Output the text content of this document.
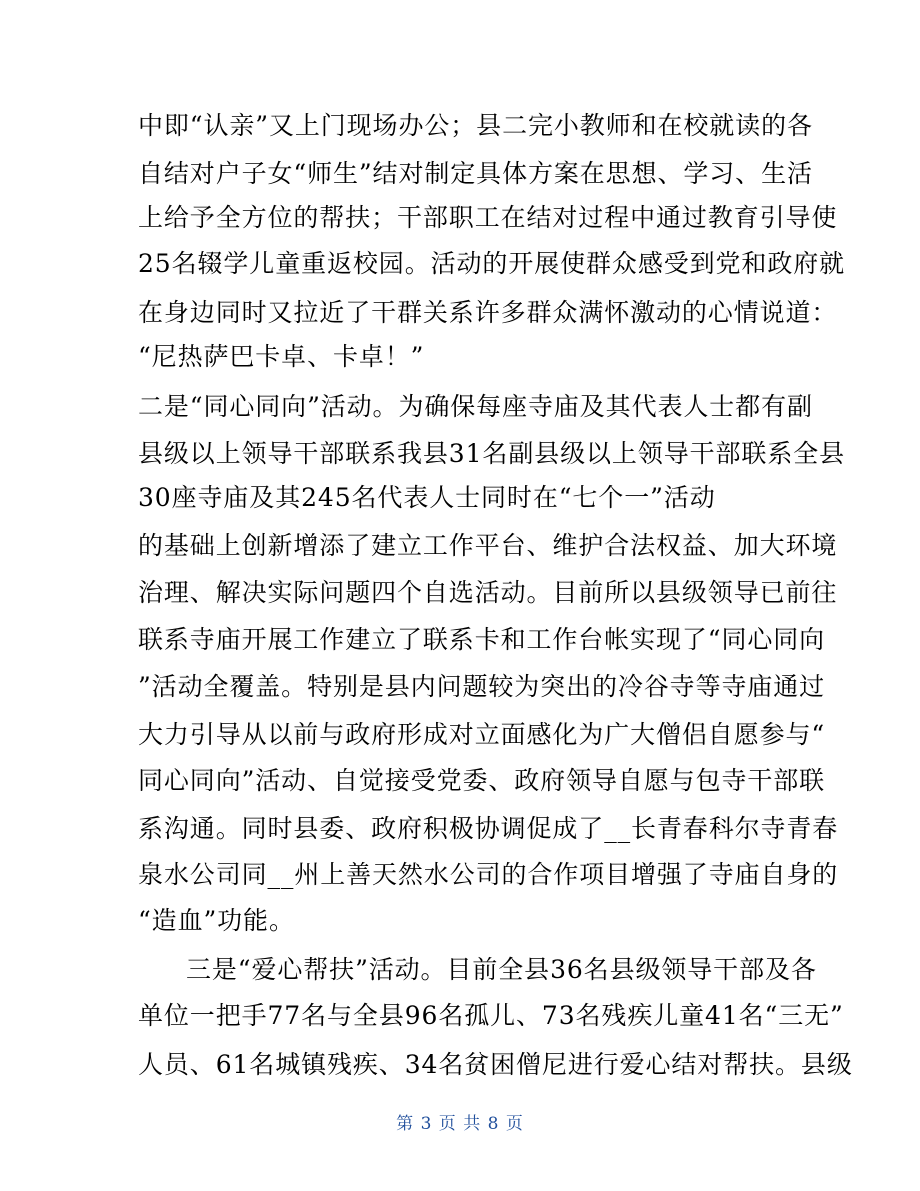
中即“认亲”又上门现场办公；县二完小教师和在校就读的各
自结对户子女“师生”结对制定具体方案在思想、学习、生活
上给予全方位的帮扶；干部职工在结对过程中通过教育引导使
25名辍学儿童重返校园。活动的开展使群众感受到党和政府就
在身边同时又拉近了干群关系许多群众满怀激动的心情说道：
“尼热萨巴卡卓、卡卓！”
二是“同心同向”活动。为确保每座寺庙及其代表人士都有副
县级以上领导干部联系我县31名副县级以上领导干部联系全县
30座寺庙及其245名代表人士同时在“七个一”活动
的基础上创新增添了建立工作平台、维护合法权益、加大环境
治理、解决实际问题四个自选活动。目前所以县级领导已前往
联系寺庙开展工作建立了联系卡和工作台帐实现了“同心同向
”活动全覆盖。特别是县内问题较为突出的冷谷寺等寺庙通过
大力引导从以前与政府形成对立面感化为广大僧侣自愿参与“
同心同向”活动、自觉接受党委、政府领导自愿与包寺干部联
系沟通。同时县委、政府积极协调促成了__长青春科尔寺青春
泉水公司同__州上善天然水公司的合作项目增强了寺庙自身的
“造血”功能。
三是“爱心帮扶”活动。目前全县36名县级领导干部及各
单位一把手77名与全县96名孤儿、73名残疾儿童41名“三无”
人员、61名城镇残疾、34名贫困僧尼进行爱心结对帮扶。县级
第 3 页 共 8 页
